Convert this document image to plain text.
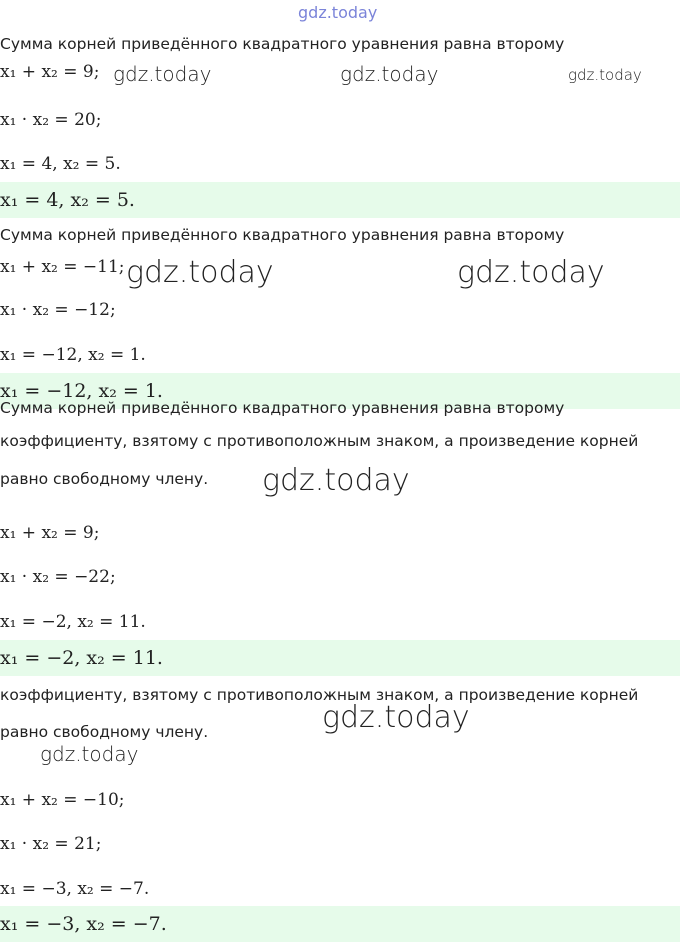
gdz.today
Сумма корней приведённого квадратного уравнения равна второму
x₁ + x₂ = 9; gdz.today	gdz.today	gdz.today
x₁ · x₂ = 20;
x₁ = 4, x₂ = 5.
x₁ = 4, x₂ = 5.
Сумма корней приведённого квадратного уравнения равна второму
x₁ + x₂ = −11; gdz.today	gdz.today
x₁ · x₂ = −12;
x₁ = −12, x₂ = 1.
x₁ = −12, x₂ = 1.
Сумма корней приведённого квадратного уравнения равна второму
коэффициенту, взятому с противоположным знаком, а произведение корней
равно свободному члену. gdz.today
x₁ + x₂ = 9;
x₁ · x₂ = −22;
x₁ = −2, x₂ = 11.
x₁ = −2, x₂ = 11.
коэффициенту, взятому с противоположным знаком, а произведение корней
gdz.today
равно свободному члену.
gdz.today
x₁ + x₂ = −10;
x₁ · x₂ = 21;
x₁ = −3, x₂ = −7.
x₁ = −3, x₂ = −7.
